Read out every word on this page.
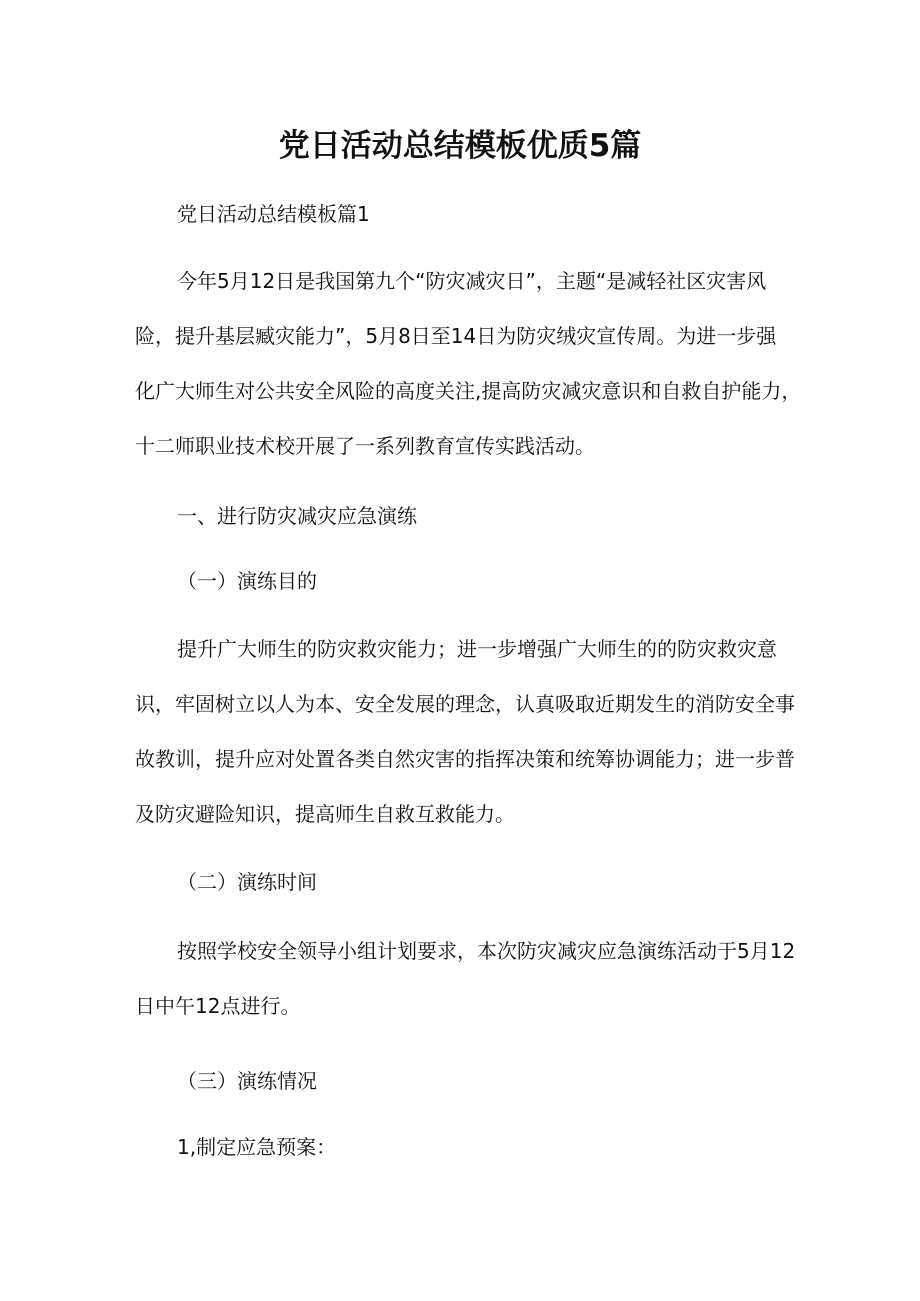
党日活动总结模板优质5篇
党日活动总结模板篇1
今年5月12日是我国第九个“防灾减灾日”，主题“是减轻社区灾害风
险，提升基层臧灾能力”，5月8日至14日为防灾绒灾宣传周。为进一步强
化广大师生对公共安全风险的高度关注,提高防灾减灾意识和自救自护能力，
十二师职业技术校开展了一系列教育宣传实践活动。
一、进行防灾减灾应急演练
（一）演练目的
提升广大师生的防灾救灾能力；进一步增强广大师生的的防灾救灾意
识，牢固树立以人为本、安全发展的理念，认真吸取近期发生的消防安全事
故教训，提升应对处置各类自然灾害的指挥决策和统筹协调能力；进一步普
及防灾避险知识，提高师生自救互救能力。
（二）演练时间
按照学校安全领导小组计划要求，本次防灾减灾应急演练活动于5月12
日中午12点进行。
（三）演练情况
1,制定应急预案：
